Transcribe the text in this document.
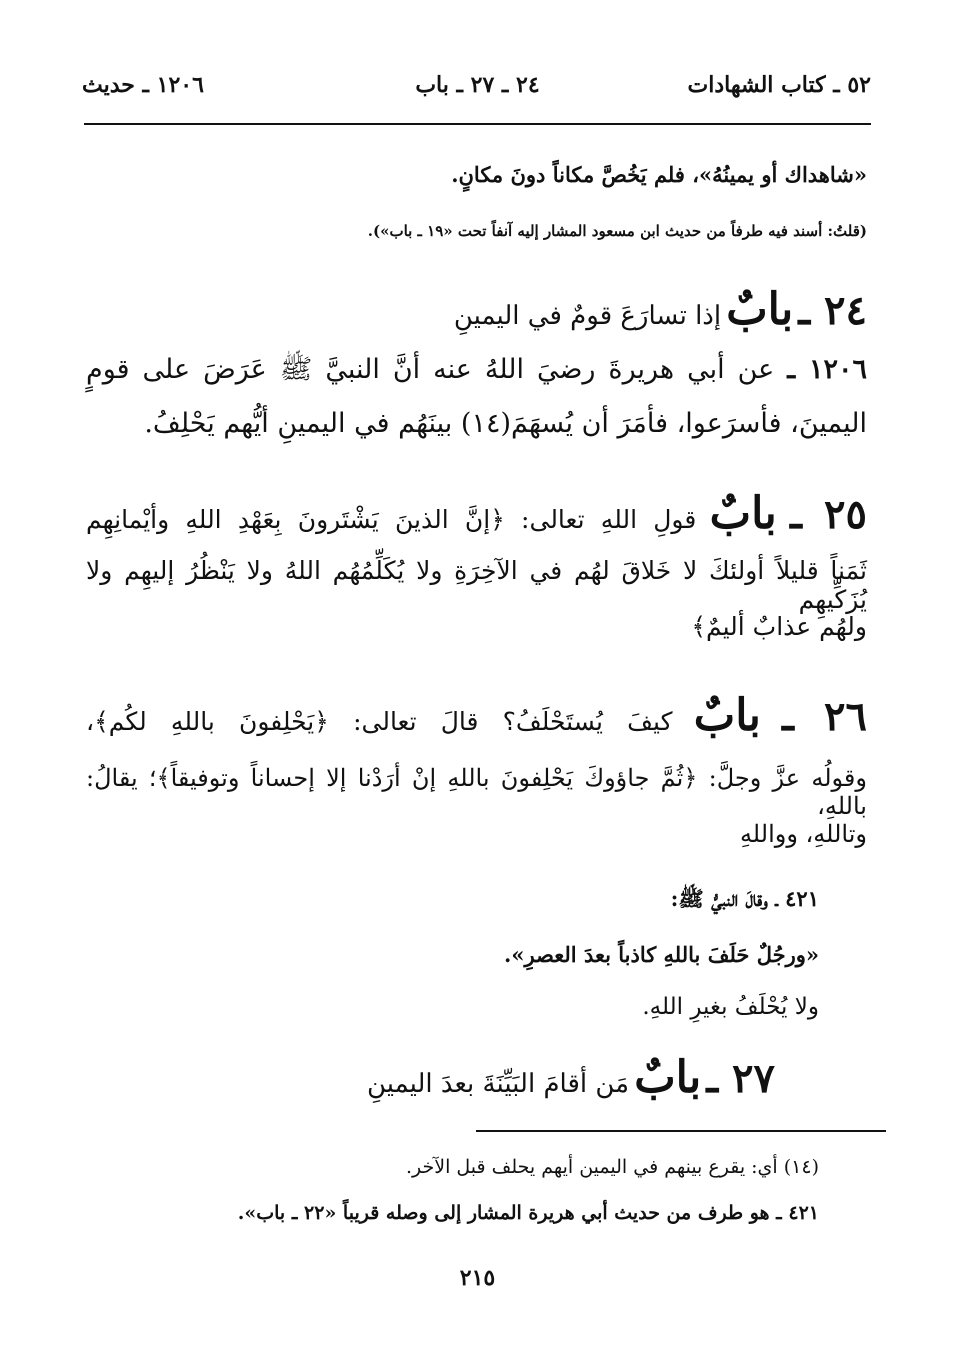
٥٢ ـ كتاب الشهادات
٢٤ ـ ٢٧ ـ باب
١٢٠٦ ـ حديث
«شاهداك أو يمينُهُ»، فلم يَخُصَّ مكاناً دونَ مكانٍ.
(قلتُ: أسند فيه طرفاً من حديث ابن مسعود المشار إليه آنفاً تحت «١٩ ـ باب»).
٢٤ ـ بابٌ إذا تسارَعَ قومٌ في اليمينِ
١٢٠٦ ـ عن أبي هريرةَ رضيَ اللهُ عنه أنَّ النبيَّ ﷺ عَرَضَ على قومٍ
اليمينَ، فأسرَعوا، فأمَرَ أن يُسهَمَ(١٤) بينَهُم في اليمينِ أيُّهم يَحْلِفُ.
٢٥ ـ بابٌ قولِ اللهِ تعالى: ﴿إنَّ الذينَ يَشْتَرونَ بِعَهْدِ اللهِ وأيْمانِهِم
ثَمَناً قليلاً أولئكَ لا خَلاقَ لهُم في الآخِرَةِ ولا يُكَلِّمُهُم اللهُ ولا يَنْظُرُ إليهِم ولا يُزَكِّيهِم
ولهُم عذابٌ أليمٌ﴾
٢٦ ـ بابٌ كيفَ يُستَحْلَفُ؟ قالَ تعالى: ﴿يَحْلِفونَ باللهِ لكُم﴾،
وقولُه عزَّ وجلَّ: ﴿ثُمَّ جاؤوكَ يَحْلِفونَ باللهِ إنْ أرَدْنا إلا إحساناً وتوفيقاً﴾؛ يقالُ: باللهِ،
وتاللهِ، وواللهِ
٤٢١ ـ وقالَ النبيُّ ﷺ:
«ورجُلٌ حَلَفَ باللهِ كاذباً بعدَ العصرِ».
ولا يُحْلَفُ بغيرِ اللهِ.
٢٧ ـ بابٌ مَن أقامَ البَيِّنَةَ بعدَ اليمينِ
(١٤) أي: يقرع بينهم في اليمين أيهم يحلف قبل الآخر.
٤٢١ ـ هو طرف من حديث أبي هريرة المشار إلى وصله قريباً «٢٢ ـ باب».
٢١٥
